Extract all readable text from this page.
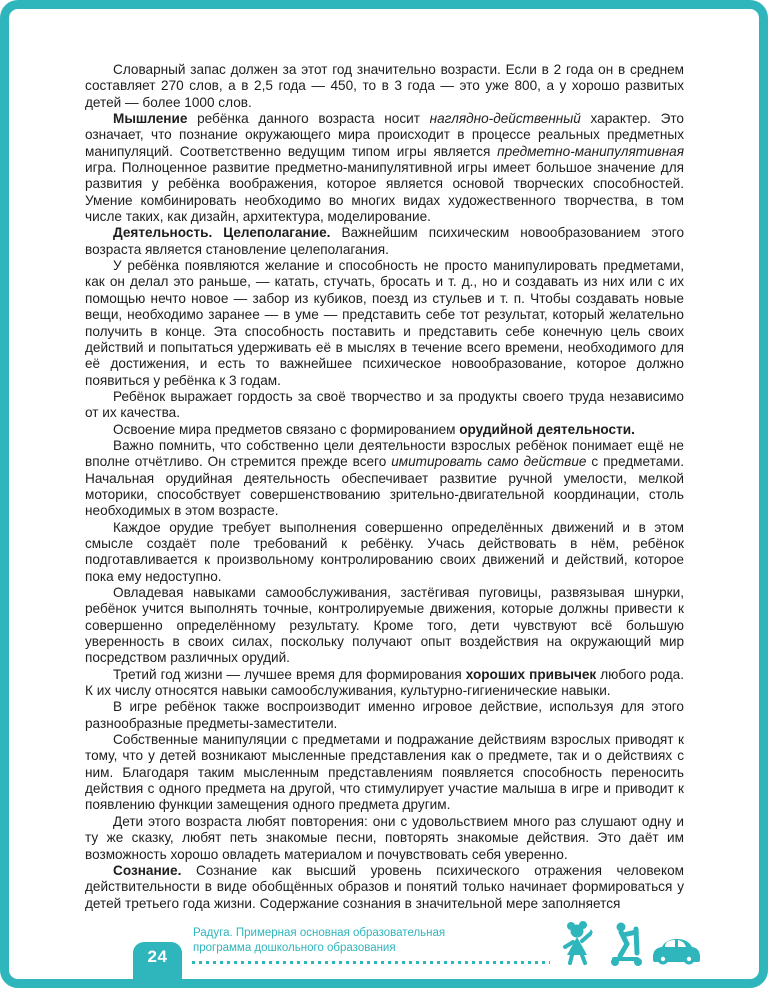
Словарный запас должен за этот год значительно возрасти. Если в 2 года он в среднем составляет 270 слов, а в 2,5 года — 450, то в 3 года — это уже 800, а у хорошо развитых детей — более 1000 слов.

Мышление ребёнка данного возраста носит наглядно-действенный характер. Это означает, что познание окружающего мира происходит в процессе реальных предметных манипуляций. Соответственно ведущим типом игры является предметно-манипулятивная игра. Полноценное развитие предметно-манипулятивной игры имеет большое значение для развития у ребёнка воображения, которое является основой творческих способностей. Умение комбинировать необходимо во многих видах художественного творчества, в том числе таких, как дизайн, архитектура, моделирование.

Деятельность. Целеполагание. Важнейшим психическим новообразованием этого возраста является становление целеполагания.

У ребёнка появляются желание и способность не просто манипулировать предметами, как он делал это раньше, — катать, стучать, бросать и т. д., но и создавать из них или с их помощью нечто новое — забор из кубиков, поезд из стульев и т. п. Чтобы создавать новые вещи, необходимо заранее — в уме — представить себе тот результат, который желательно получить в конце. Эта способность поставить и представить себе конечную цель своих действий и попытаться удерживать её в мыслях в течение всего времени, необходимого для её достижения, и есть то важнейшее психическое новообразование, которое должно появиться у ребёнка к 3 годам.

Ребёнок выражает гордость за своё творчество и за продукты своего труда независимо от их качества.

Освоение мира предметов связано с формированием орудийной деятельности.

Важно помнить, что собственно цели деятельности взрослых ребёнок понимает ещё не вполне отчётливо. Он стремится прежде всего имитировать само действие с предметами. Начальная орудийная деятельность обеспечивает развитие ручной умелости, мелкой моторики, способствует совершенствованию зрительно-двигательной координации, столь необходимых в этом возрасте.

Каждое орудие требует выполнения совершенно определённых движений и в этом смысле создаёт поле требований к ребёнку. Учась действовать в нём, ребёнок подготавливается к произвольному контролированию своих движений и действий, которое пока ему недоступно.

Овладевая навыками самообслуживания, застёгивая пуговицы, развязывая шнурки, ребёнок учится выполнять точные, контролируемые движения, которые должны привести к совершенно определённому результату. Кроме того, дети чувствуют всё большую уверенность в своих силах, поскольку получают опыт воздействия на окружающий мир посредством различных орудий.

Третий год жизни — лучшее время для формирования хороших привычек любого рода. К их числу относятся навыки самообслуживания, культурно-гигиенические навыки.

В игре ребёнок также воспроизводит именно игровое действие, используя для этого разнообразные предметы-заместители.

Собственные манипуляции с предметами и подражание действиям взрослых приводят к тому, что у детей возникают мысленные представления как о предмете, так и о действиях с ним. Благодаря таким мысленным представлениям появляется способность переносить действия с одного предмета на другой, что стимулирует участие малыша в игре и приводит к появлению функции замещения одного предмета другим.

Дети этого возраста любят повторения: они с удовольствием много раз слушают одну и ту же сказку, любят петь знакомые песни, повторять знакомые действия. Это даёт им возможность хорошо овладеть материалом и почувствовать себя уверенно.

Сознание. Сознание как высший уровень психического отражения человеком действительности в виде обобщённых образов и понятий только начинает формироваться у детей третьего года жизни. Содержание сознания в значительной мере заполняется

24
Радуга. Примерная основная образовательная
программа дошкольного образования
